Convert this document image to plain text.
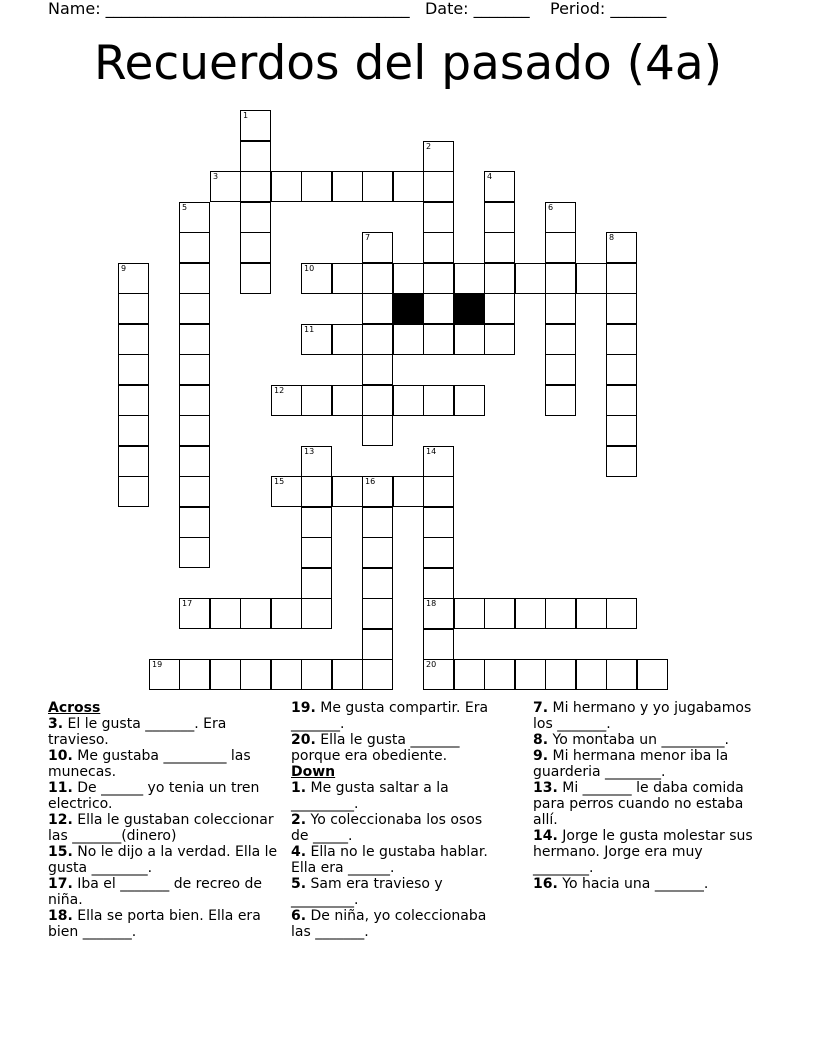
Name: ______________________________________   Date: _______    Period: _______
Recuerdos del pasado (4a)
1
2
3	4
5	6
7	8
9	10
11
12
13	14
15	16
17	18
19	20

Across

3. El le gusta _______. Era travieso.

10. Me gustaba _________ las munecas.

11. De ______ yo tenia un tren electrico.

12. Ella le gustaban coleccionar las _______(dinero)

15. No le dijo a la verdad. Ella le gusta ________.

17. Iba el _______ de recreo de niña.

18. Ella se porta bien. Ella era bien _______.

19. Me gusta compartir. Era _______.

20. Ella le gusta _______ porque era obediente.

Down

1. Me gusta saltar a la _________.

2. Yo coleccionaba los osos de _____.

4. Ella no le gustaba hablar. Ella era ______.

5. Sam era travieso y _________.

6. De niña, yo coleccionaba las _______.

7. Mi hermano y yo jugabamos los _______.

8. Yo montaba un _________.

9. Mi hermana menor iba la guarderia ________.

13. Mi _______ le daba comida para perros cuando no estaba allí.

14. Jorge le gusta molestar sus hermano. Jorge era muy ________.

16. Yo hacia una _______.
